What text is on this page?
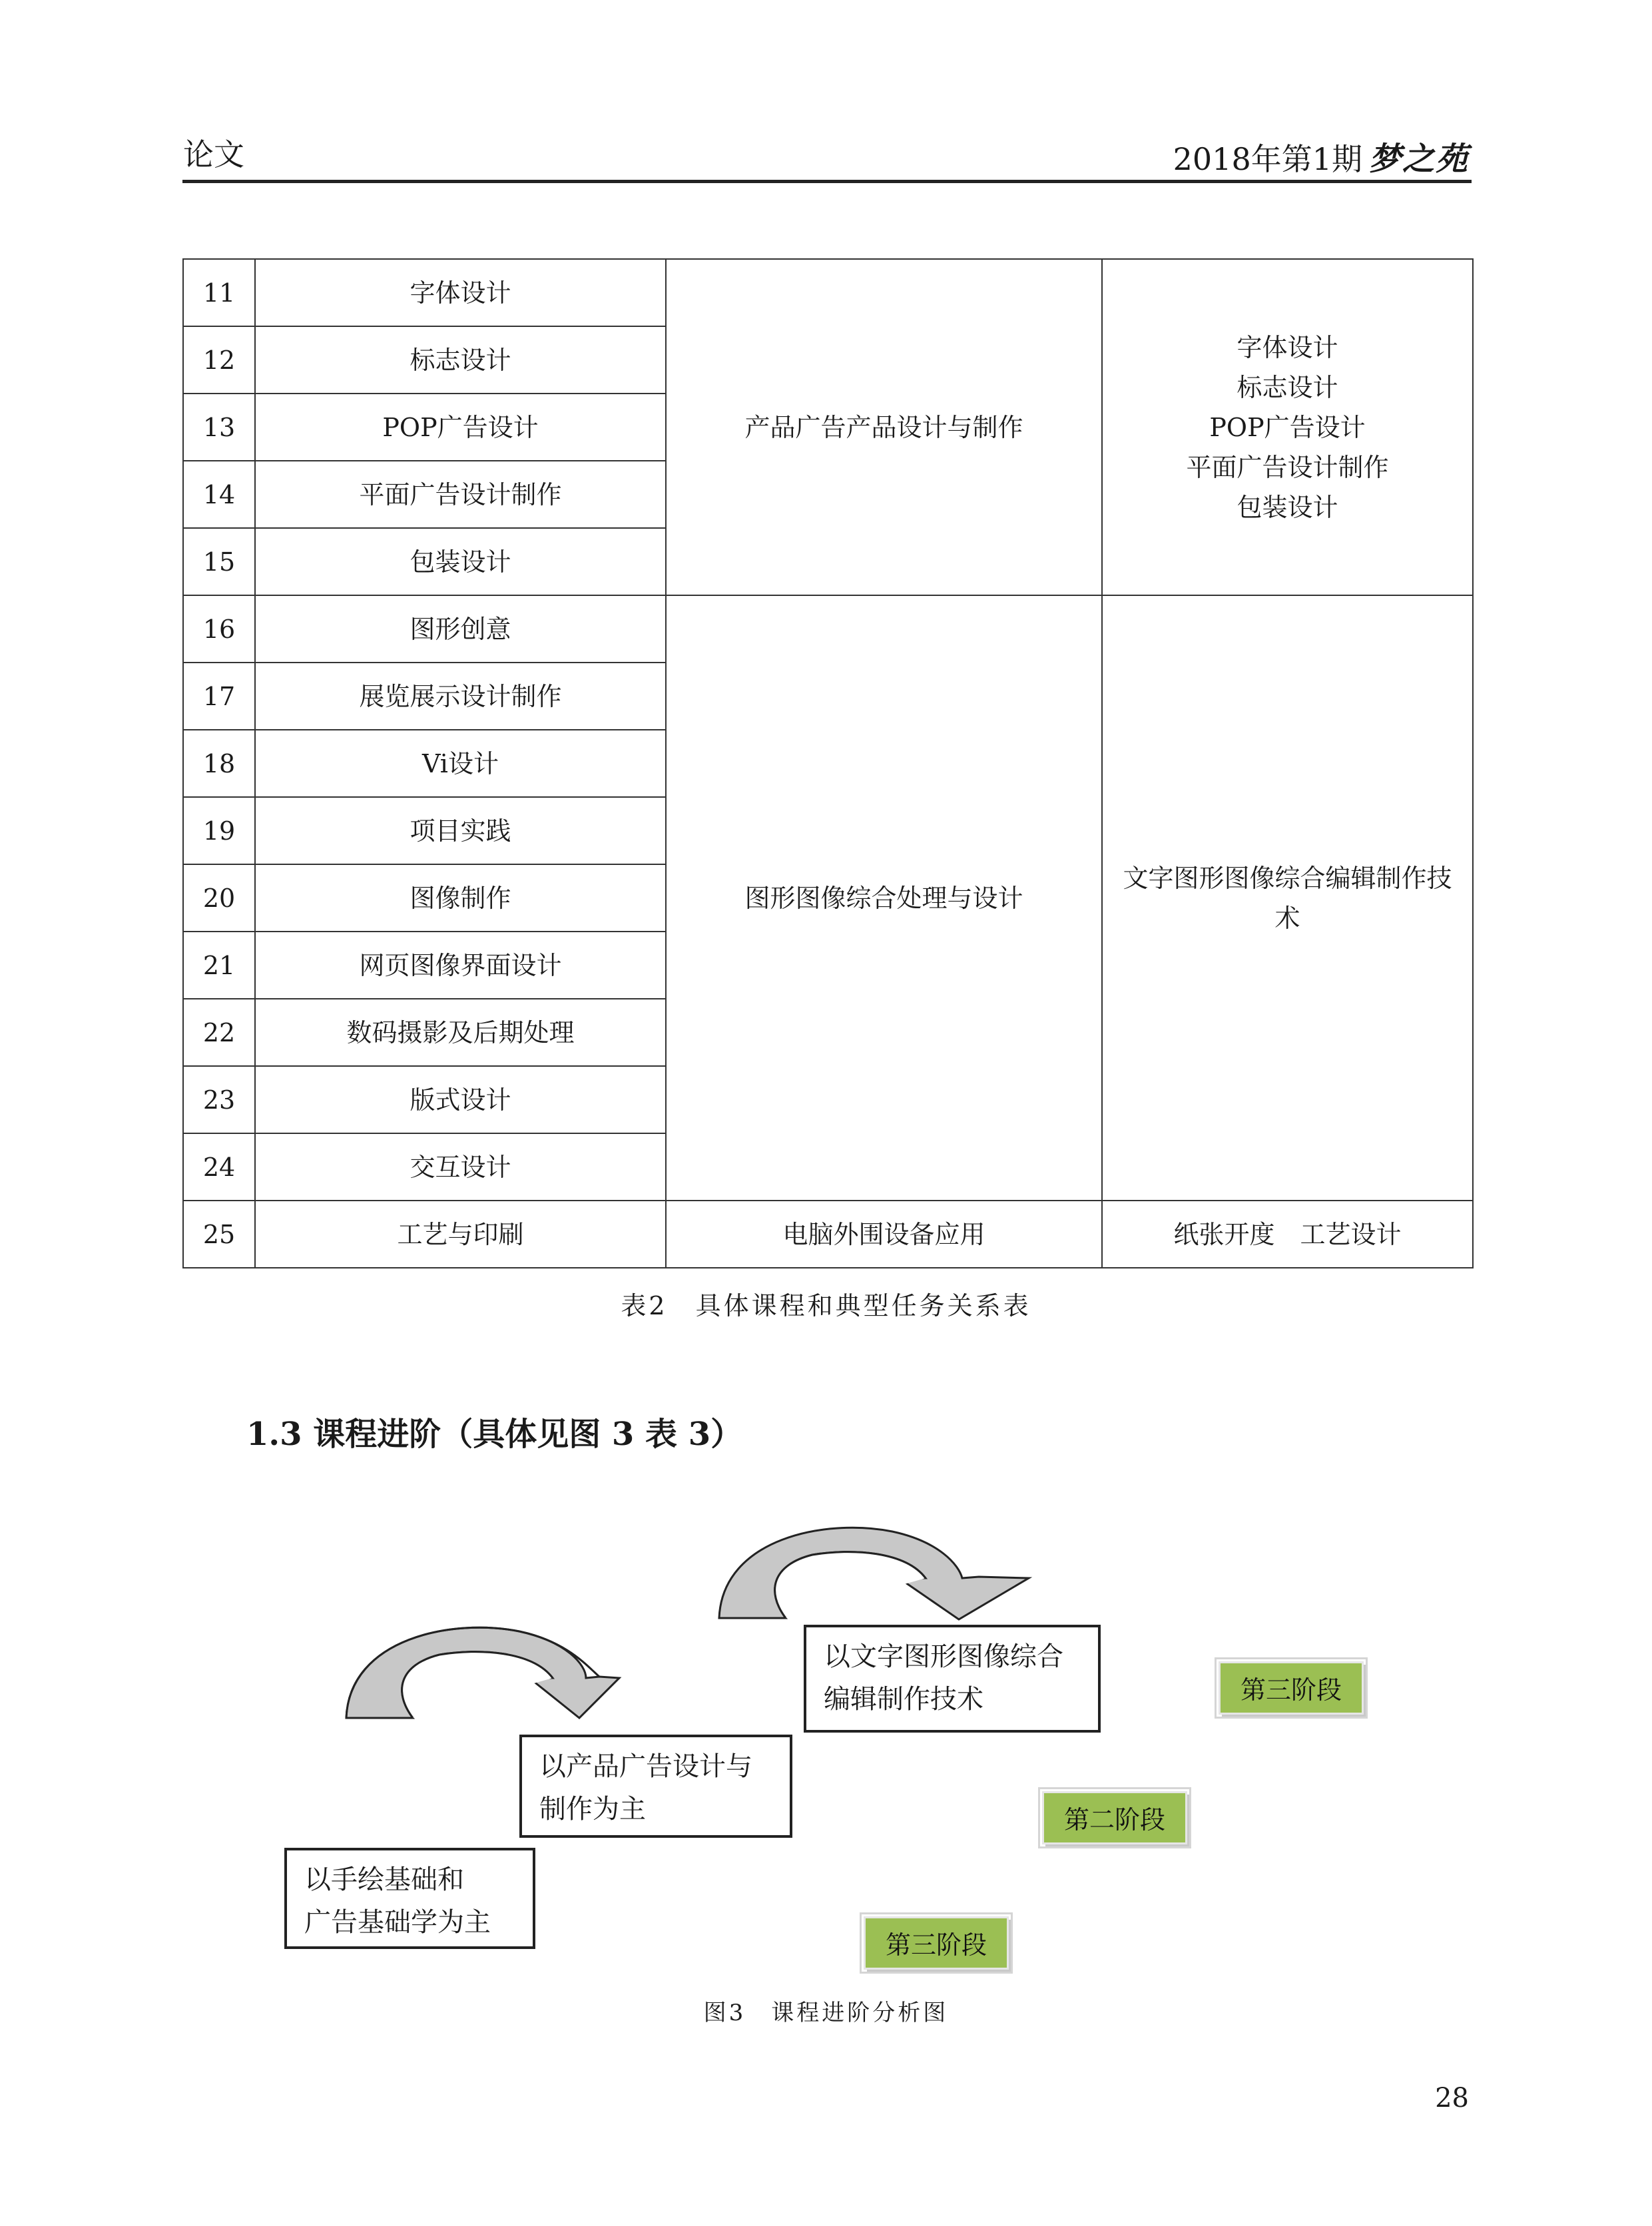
论文	2018年第1期 梦之苑
11	字体设计	产品广告产品设计与制作	字体设计
标志设计
POP广告设计
平面广告设计制作
包装设计
12	标志设计		
13	POP广告设计		
14	平面广告设计制作		
15	包装设计		
16	图形创意	图形图像综合处理与设计	文字图形图像综合编辑制作技
术
17	展览展示设计制作		
18	Vi设计		
19	项目实践		
20	图像制作		
21	网页图像界面设计		
22	数码摄影及后期处理		
23	版式设计		
24	交互设计		
25	工艺与印刷	电脑外围设备应用	纸张开度　工艺设计
表2　具体课程和典型任务关系表
1.3 课程进阶（具体见图 3 表 3）
以手绘基础和
广告基础学为主
以产品广告设计与
制作为主
以文字图形图像综合
编辑制作技术	第三阶段
第二阶段
第三阶段
图3　课程进阶分析图
28
